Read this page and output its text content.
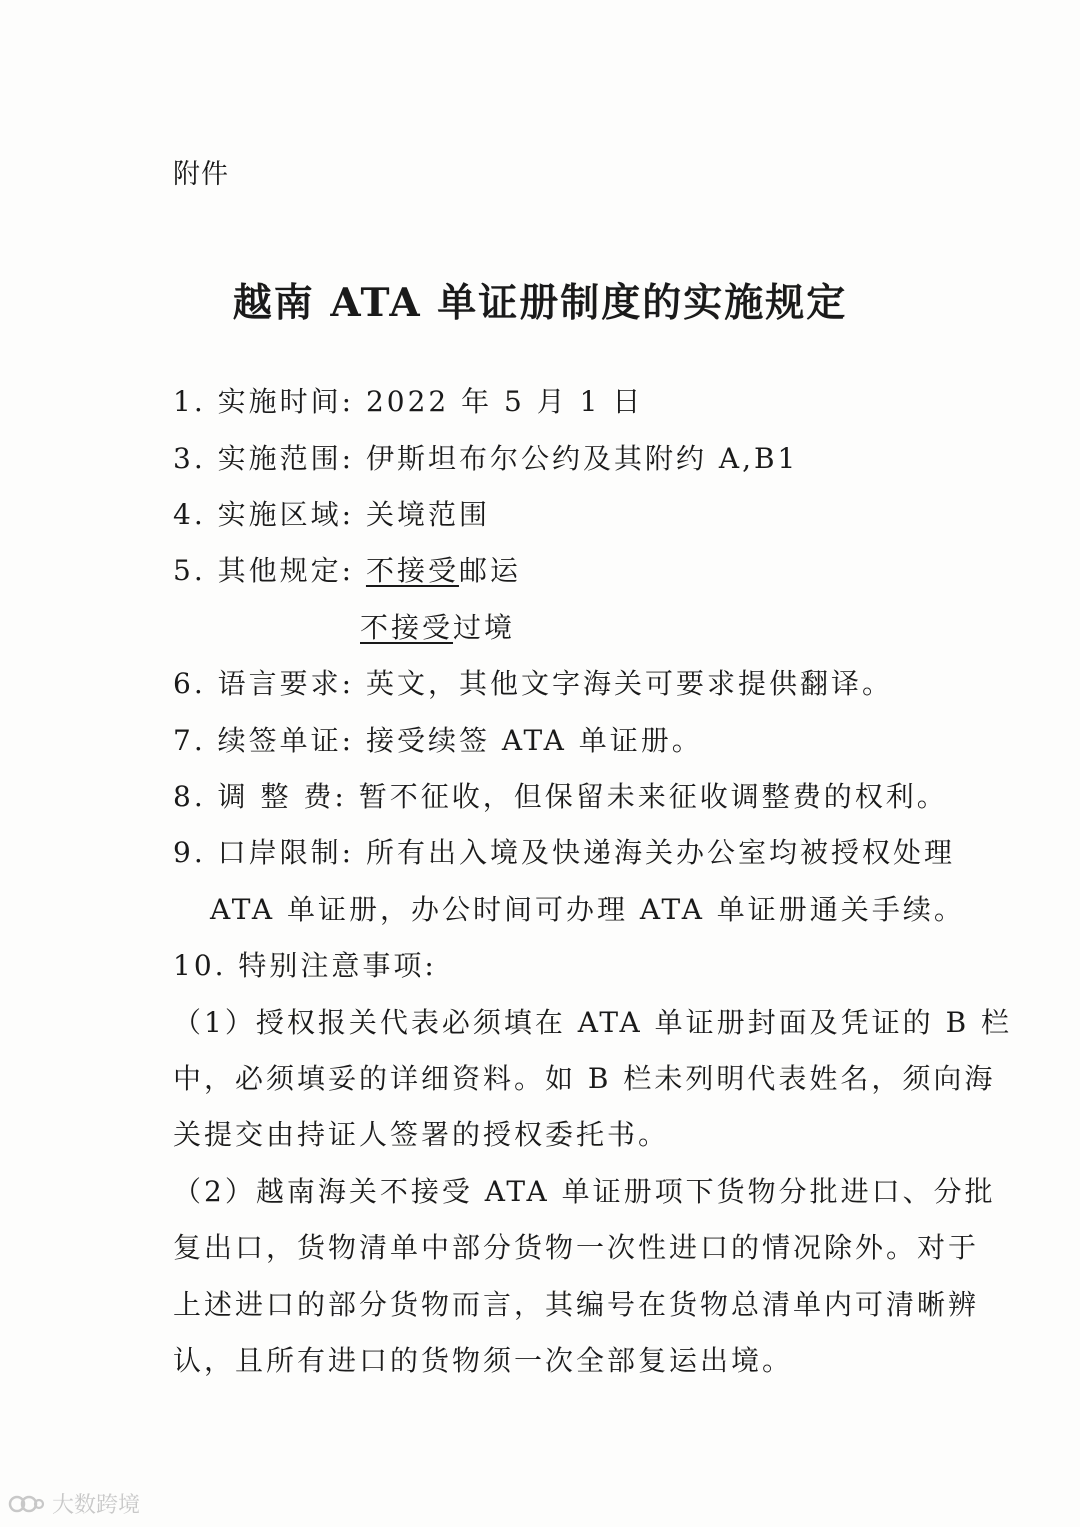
附件
越南 ATA 单证册制度的实施规定
1. 实施时间: 2022 年 5 月 1 日
3. 实施范围: 伊斯坦布尔公约及其附约 A,B1
4. 实施区域: 关境范围
5. 其他规定: 不接受邮运
不接受过境
6. 语言要求: 英文，其他文字海关可要求提供翻译。
7. 续签单证: 接受续签 ATA 单证册。
8. 调 整 费: 暂不征收，但保留未来征收调整费的权利。
9. 口岸限制: 所有出入境及快递海关办公室均被授权处理
ATA 单证册，办公时间可办理 ATA 单证册通关手续。
10. 特别注意事项:
（1）授权报关代表必须填在 ATA 单证册封面及凭证的 B 栏
中，必须填妥的详细资料。如 B 栏未列明代表姓名，须向海
关提交由持证人签署的授权委托书。
（2）越南海关不接受 ATA 单证册项下货物分批进口、分批
复出口，货物清单中部分货物一次性进口的情况除外。对于
上述进口的部分货物而言，其编号在货物总清单内可清晰辨
认，且所有进口的货物须一次全部复运出境。
大数跨境
